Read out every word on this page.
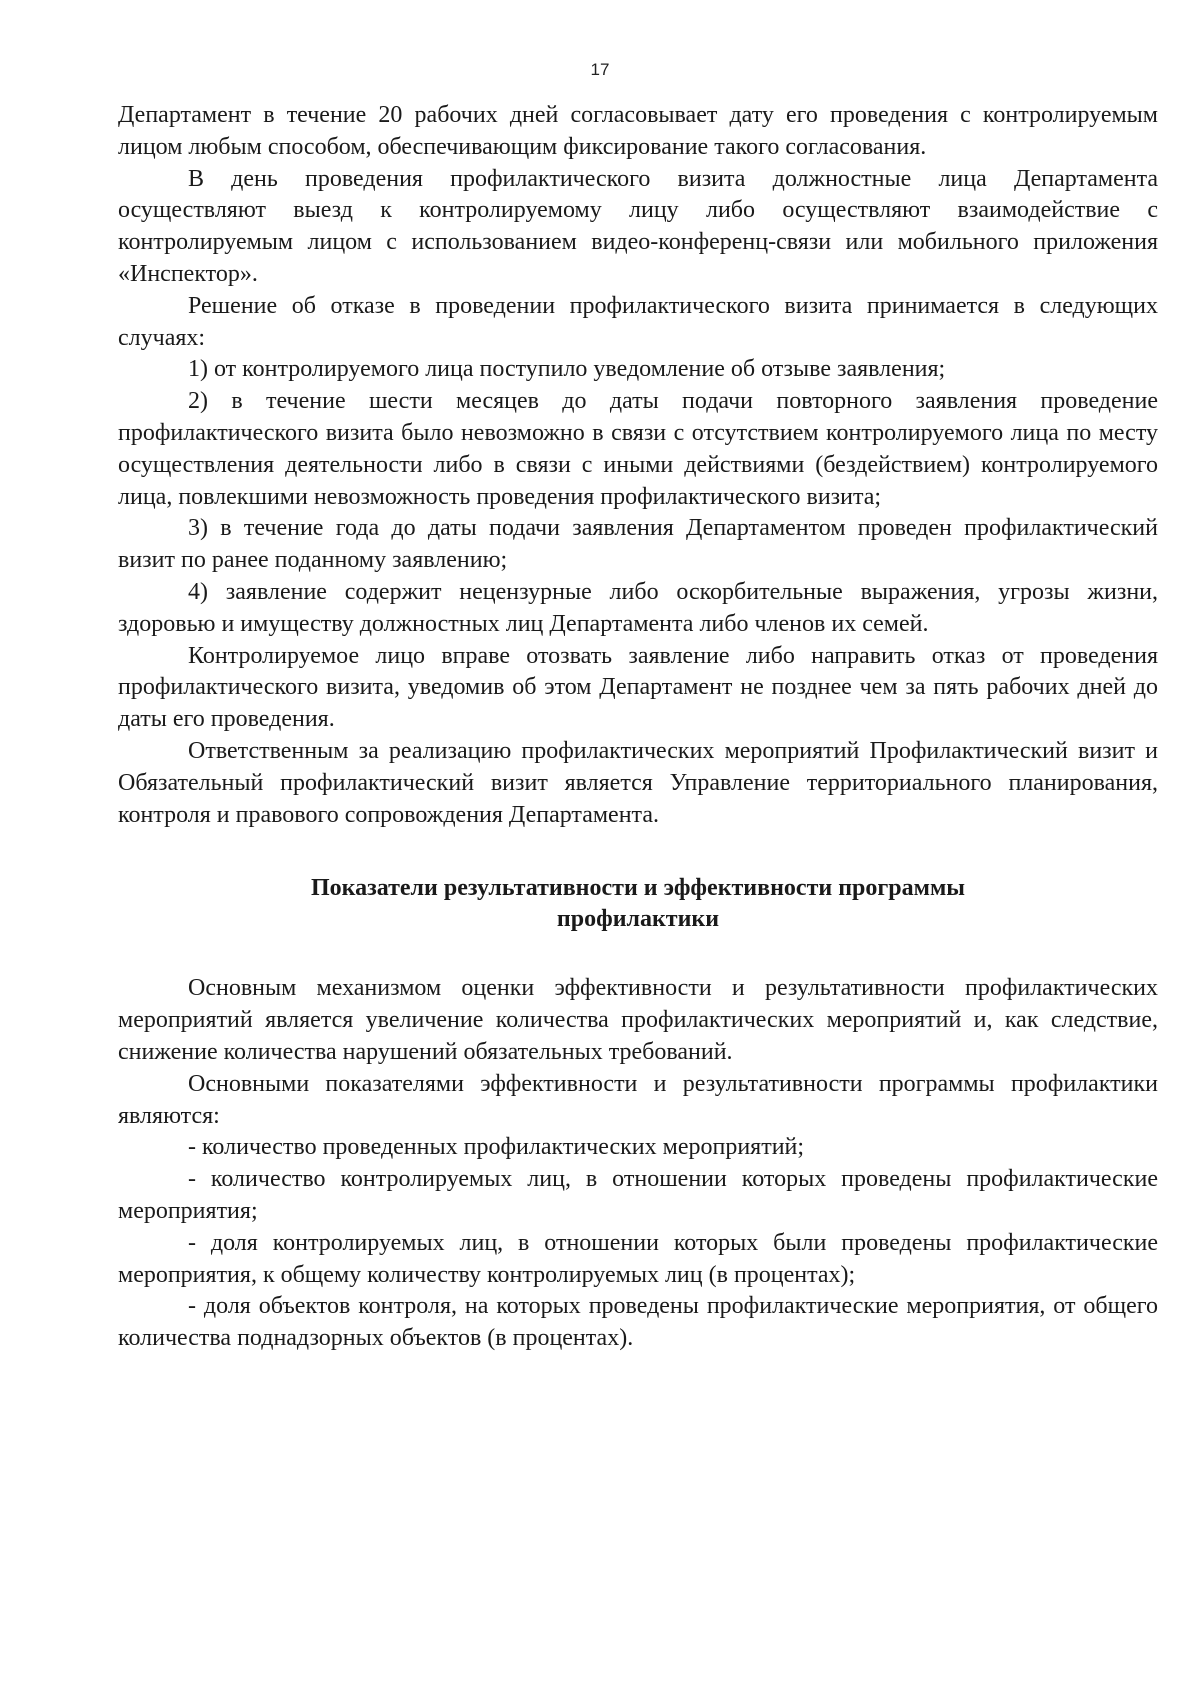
17

Департамент в течение 20 рабочих дней согласовывает дату его проведения с контролируемым лицом любым способом, обеспечивающим фиксирование такого согласования.

В день проведения профилактического визита должностные лица Департамента осуществляют выезд к контролируемому лицу либо осуществляют взаимодействие с контролируемым лицом с использованием видео-конференц-связи или мобильного приложения «Инспектор».

Решение об отказе в проведении профилактического визита принимается в следующих случаях:

1) от контролируемого лица поступило уведомление об отзыве заявления;

2) в течение шести месяцев до даты подачи повторного заявления проведение профилактического визита было невозможно в связи с отсутствием контролируемого лица по месту осуществления деятельности либо в связи с иными действиями (бездействием) контролируемого лица, повлекшими невозможность проведения профилактического визита;

3) в течение года до даты подачи заявления Департаментом проведен профилактический визит по ранее поданному заявлению;

4) заявление содержит нецензурные либо оскорбительные выражения, угрозы жизни, здоровью и имуществу должностных лиц Департамента либо членов их семей.

Контролируемое лицо вправе отозвать заявление либо направить отказ от проведения профилактического визита, уведомив об этом Департамент не позднее чем за пять рабочих дней до даты его проведения.

Ответственным за реализацию профилактических мероприятий Профилактический визит и Обязательный профилактический визит является Управление территориального планирования, контроля и правового сопровождения Департамента.

Показатели результативности и эффективности программы
профилактики

Основным механизмом оценки эффективности и результативности профилактических мероприятий является увеличение количества профилактических мероприятий и, как следствие, снижение количества нарушений обязательных требований.

Основными показателями эффективности и результативности программы профилактики являются:

- количество проведенных профилактических мероприятий;

- количество контролируемых лиц, в отношении которых проведены профилактические мероприятия;

- доля контролируемых лиц, в отношении которых были проведены профилактические мероприятия, к общему количеству контролируемых лиц (в процентах);

- доля объектов контроля, на которых проведены профилактические мероприятия, от общего количества поднадзорных объектов (в процентах).
